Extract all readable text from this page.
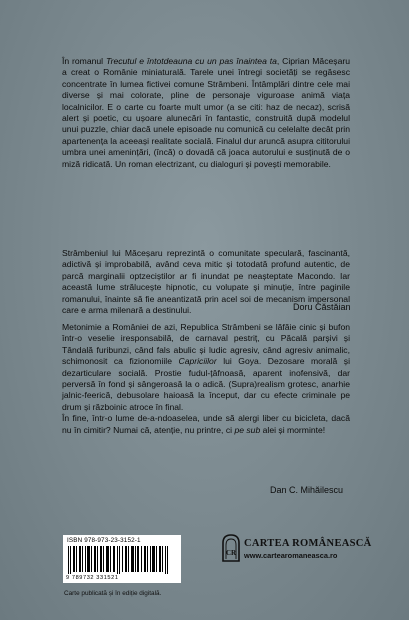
În romanul Trecutul e întotdeauna cu un pas înaintea ta, Ciprian Măceșaru a creat o Românie miniaturală. Tarele unei întregi societăți se regăsesc concentrate în lumea fictivei comune Strâmbeni. Întâmplări dintre cele mai diverse și mai colorate, pline de personaje viguroase animă viața localnicilor. E o carte cu foarte mult umor (a se citi: haz de necaz), scrisă alert și poetic, cu ușoare alunecări în fantastic, construită după modelul unui puzzle, chiar dacă unele episoade nu comunică cu celelalte decât prin apartenența la aceeași realitate socială. Finalul dur aruncă asupra cititorului umbra unei amenințări, (încă) o dovadă că joaca autorului e susținută de o miză ridicată. Un roman electrizant, cu dialoguri și povești memorabile.

Strâmbeniul lui Măceșaru reprezintă o comunitate speculară, fascinantă, adictivă și improbabilă, având ceva mitic și totodată profund autentic, de parcă marginalii optzeciștilor ar fi inundat pe neașteptate Macondo. Iar această lume strălucește hipnotic, cu volupate și minuție, între paginile romanului, înainte să fie aneantizată prin acel soi de mecanism impersonal care e arma milenară a destinului.	Doru Căstăian

Metonimie a României de azi, Republica Strâmbeni se lăfăie cinic și bufon într-o veselie iresponsabilă, de carnaval pestriț, cu Păcală parșivi și Tândală furibunzi, când fals abulic și ludic agresiv, când agresiv animalic, schimonosit ca fizionomiile Capriciilor lui Goya. Dezosare morală și dezarticulare socială. Prostie fudul-țâfnoasă, aparent inofensivă, dar perversă în fond și sângeroasă la o adică. (Supra)realism grotesc, anarhie jalnic-feerică, debusolare haioasă la început, dar cu efecte criminale pe drum și războinic atroce în final.

În fine, într-o lume de-a-ndoaselea, unde să alergi liber cu bicicleta, dacă nu în cimitir? Numai că, atenție, nu printre, ci pe sub alei și morminte!

Dan C. Mihăilescu
ISBN 978-973-23-3152-1
9 789732 331521
Carte publicată și în ediție digitală.
CR
CARTEA ROMÂNEASCĂ
www.cartearomaneasca.ro
